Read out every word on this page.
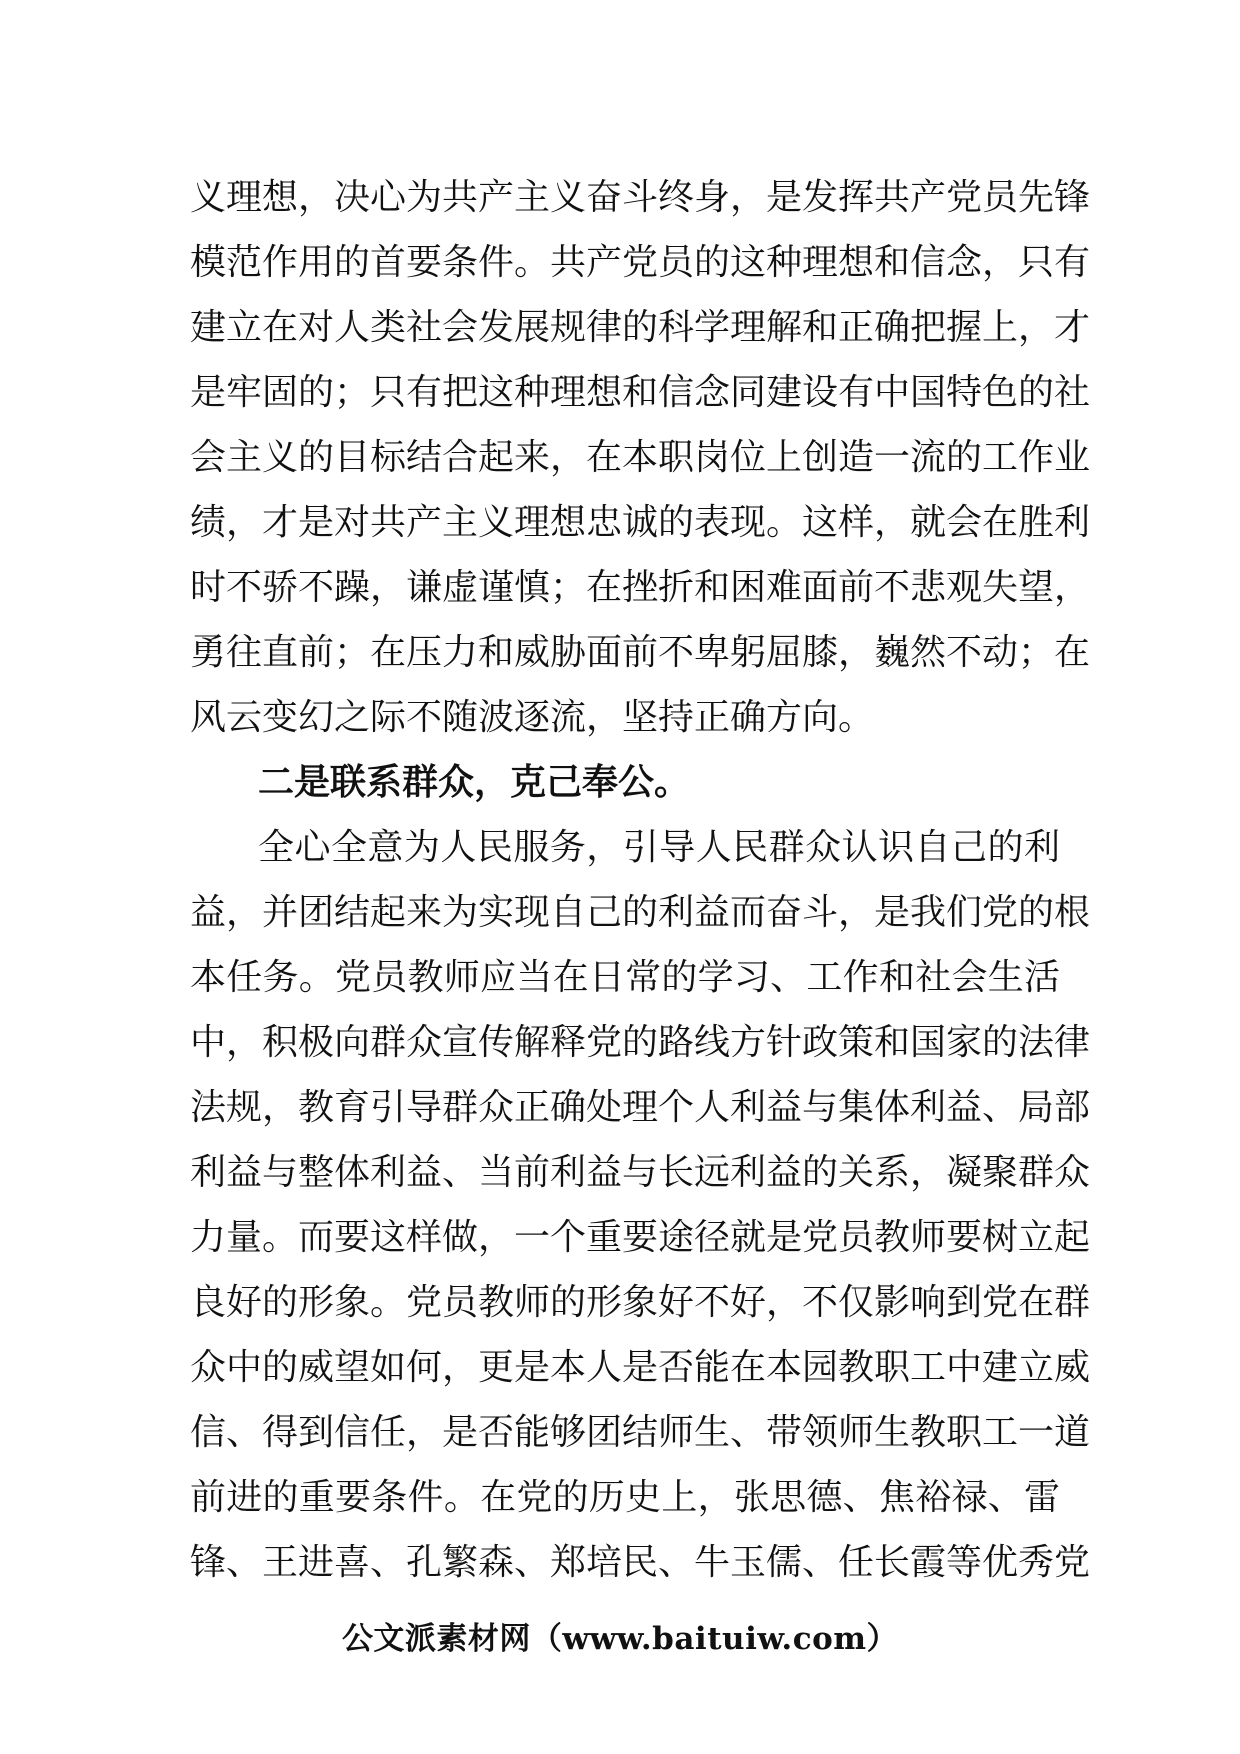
义理想，决心为共产主义奋斗终身，是发挥共产党员先锋
模范作用的首要条件。共产党员的这种理想和信念，只有
建立在对人类社会发展规律的科学理解和正确把握上，才
是牢固的；只有把这种理想和信念同建设有中国特色的社
会主义的目标结合起来，在本职岗位上创造一流的工作业
绩，才是对共产主义理想忠诚的表现。这样，就会在胜利
时不骄不躁，谦虚谨慎；在挫折和困难面前不悲观失望，
勇往直前；在压力和威胁面前不卑躬屈膝，巍然不动；在
风云变幻之际不随波逐流，坚持正确方向。
二是联系群众，克己奉公。
全心全意为人民服务，引导人民群众认识自己的利
益，并团结起来为实现自己的利益而奋斗，是我们党的根
本任务。党员教师应当在日常的学习、工作和社会生活
中，积极向群众宣传解释党的路线方针政策和国家的法律
法规，教育引导群众正确处理个人利益与集体利益、局部
利益与整体利益、当前利益与长远利益的关系，凝聚群众
力量。而要这样做，一个重要途径就是党员教师要树立起
良好的形象。党员教师的形象好不好，不仅影响到党在群
众中的威望如何，更是本人是否能在本园教职工中建立威
信、得到信任，是否能够团结师生、带领师生教职工一道
前进的重要条件。在党的历史上，张思德、焦裕禄、雷
锋、王进喜、孔繁森、郑培民、牛玉儒、任长霞等优秀党
公文派素材网（www.baituiw.com）
